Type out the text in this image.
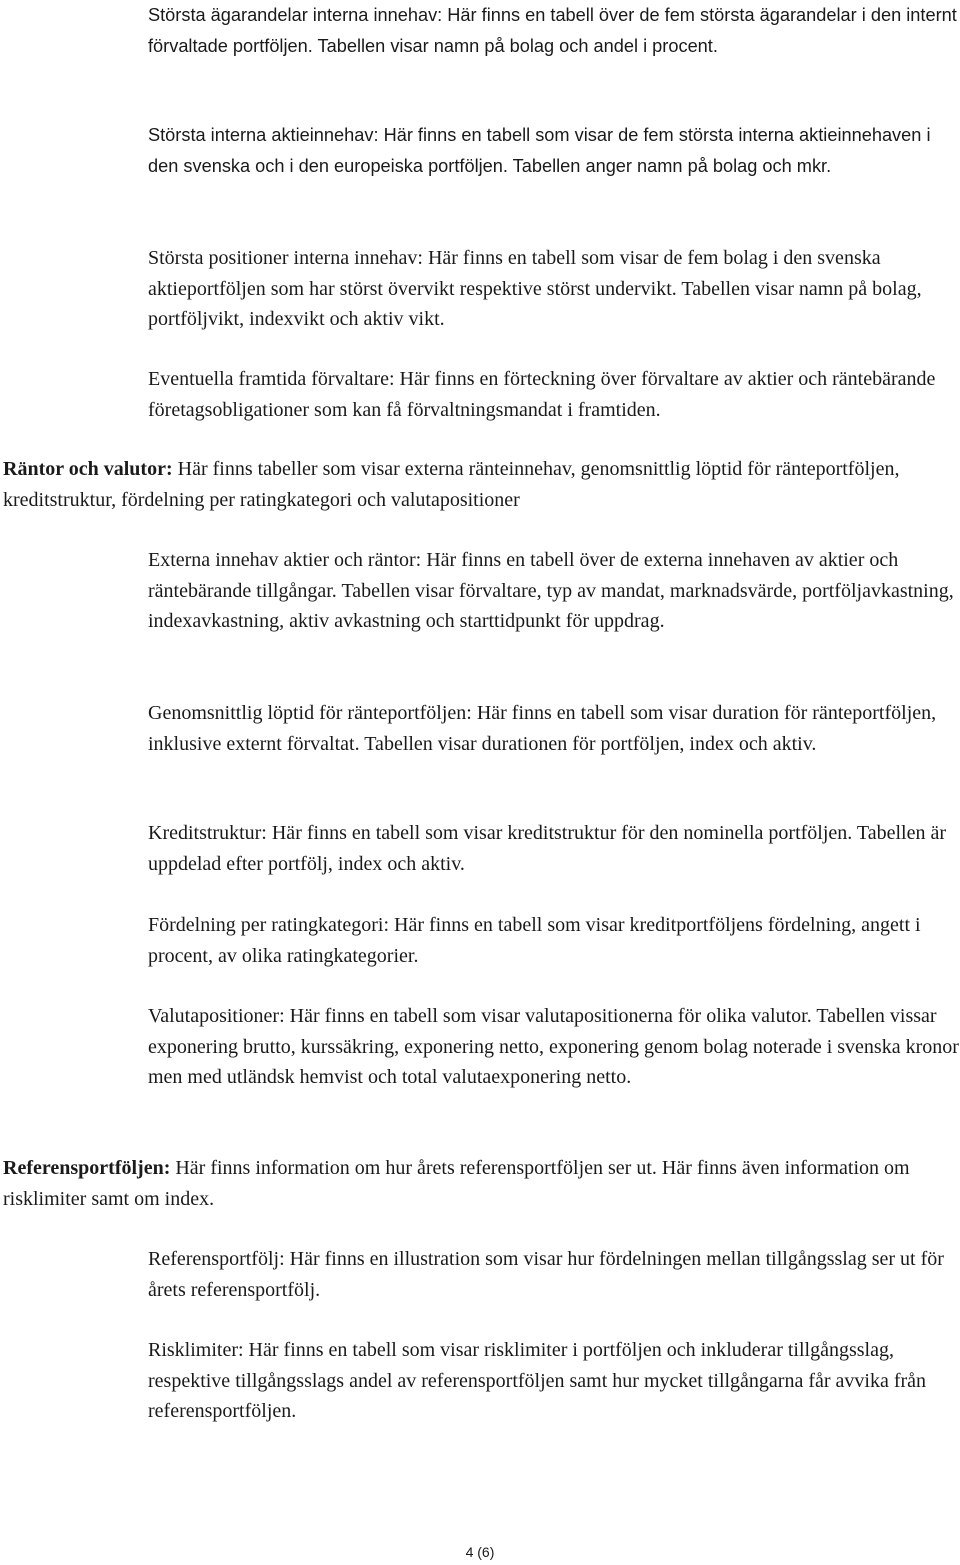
Största ägarandelar interna innehav: Här finns en tabell över de fem största ägarandelar i den internt förvaltade portföljen. Tabellen visar namn på bolag och andel i procent.

Största interna aktieinnehav: Här finns en tabell som visar de fem största interna aktieinnehaven i den svenska och i den europeiska portföljen. Tabellen anger namn på bolag och mkr.

Största positioner interna innehav: Här finns en tabell som visar de fem bolag i den svenska aktieportföljen som har störst övervikt respektive störst undervikt. Tabellen visar namn på bolag, portföljvikt, indexvikt och aktiv vikt.

Eventuella framtida förvaltare: Här finns en förteckning över förvaltare av aktier och räntebärande företagsobligationer som kan få förvaltningsmandat i framtiden.

Räntor och valutor: Här finns tabeller som visar externa ränteinnehav, genomsnittlig löptid för ränteportföljen, kreditstruktur, fördelning per ratingkategori och valutapositioner

Externa innehav aktier och räntor: Här finns en tabell över de externa innehaven av aktier och räntebärande tillgångar. Tabellen visar förvaltare, typ av mandat, marknadsvärde, portföljavkastning, indexavkastning, aktiv avkastning och starttidpunkt för uppdrag.

Genomsnittlig löptid för ränteportföljen: Här finns en tabell som visar duration för ränteportföljen, inklusive externt förvaltat. Tabellen visar durationen för portföljen, index och aktiv.

Kreditstruktur: Här finns en tabell som visar kreditstruktur för den nominella portföljen. Tabellen är uppdelad efter portfölj, index och aktiv.

Fördelning per ratingkategori: Här finns en tabell som visar kreditportföljens fördelning, angett i procent, av olika ratingkategorier.

Valutapositioner: Här finns en tabell som visar valutapositionerna för olika valutor. Tabellen vissar exponering brutto, kurssäkring, exponering netto, exponering genom bolag noterade i svenska kronor men med utländsk hemvist och total valutaexponering netto.

Referensportföljen: Här finns information om hur årets referensportföljen ser ut. Här finns även information om risklimiter samt om index.

Referensportfölj: Här finns en illustration som visar hur fördelningen mellan tillgångsslag ser ut för årets referensportfölj.

Risklimiter: Här finns en tabell som visar risklimiter i portföljen och inkluderar tillgångsslag, respektive tillgångsslags andel av referensportföljen samt hur mycket tillgångarna får avvika från referensportföljen.

4 (6)
